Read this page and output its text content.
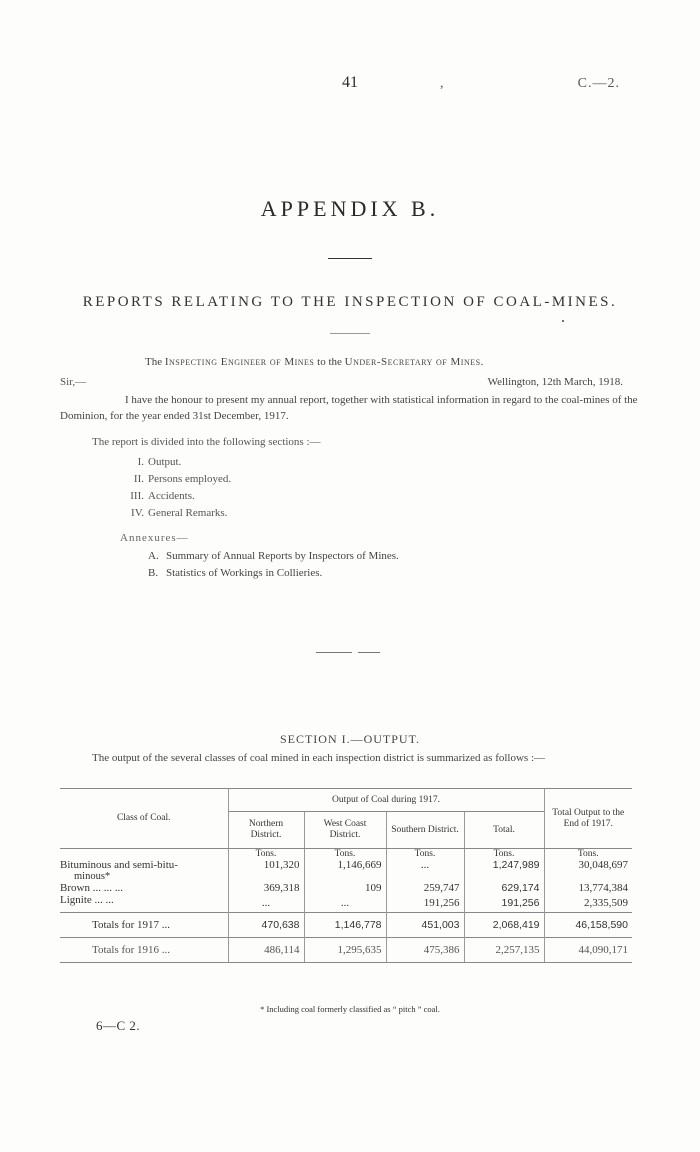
41	,	C.—2.
APPENDIX B.
REPORTS RELATING TO THE INSPECTION OF COAL-MINES.
The Inspecting Engineer of Mines to the Under-Secretary of Mines.
Sir,—	Wellington, 12th March, 1918.
I have the honour to present my annual report, together with statistical information in regard to the coal-mines of the Dominion, for the year ended 31st December, 1917.
The report is divided into the following sections :—
I. Output.
II. Persons employed.
III. Accidents.
IV. General Remarks.
Annexures—
A. Summary of Annual Reports by Inspectors of Mines.
B. Statistics of Workings in Collieries.
SECTION I.—OUTPUT.
The output of the several classes of coal mined in each inspection district is summarized as follows :—
Class of Coal.	Output of Coal during 1917.				Total Output to the End of 1917.
	Northern District.	West Coast District.	Southern District.	Total.	
	Tons.	Tons.	Tons.	Tons.	Tons.
Bituminous and semi-bitu-	101,320	1,146,669	...	1,247,989	30,048,697
minous*					
Brown ... ... ...	369,318	109	259,747	629,174	13,774,384
Lignite ... ...	...	...	191,256	191,256	2,335,509
Totals for 1917 ...	470,638	1,146,778	451,003	2,068,419	46,158,590
Totals for 1916 ...	486,114	1,295,635	475,386	2,257,135	44,090,171
* Including coal formerly classified as “ pitch ” coal.
6—C 2.
